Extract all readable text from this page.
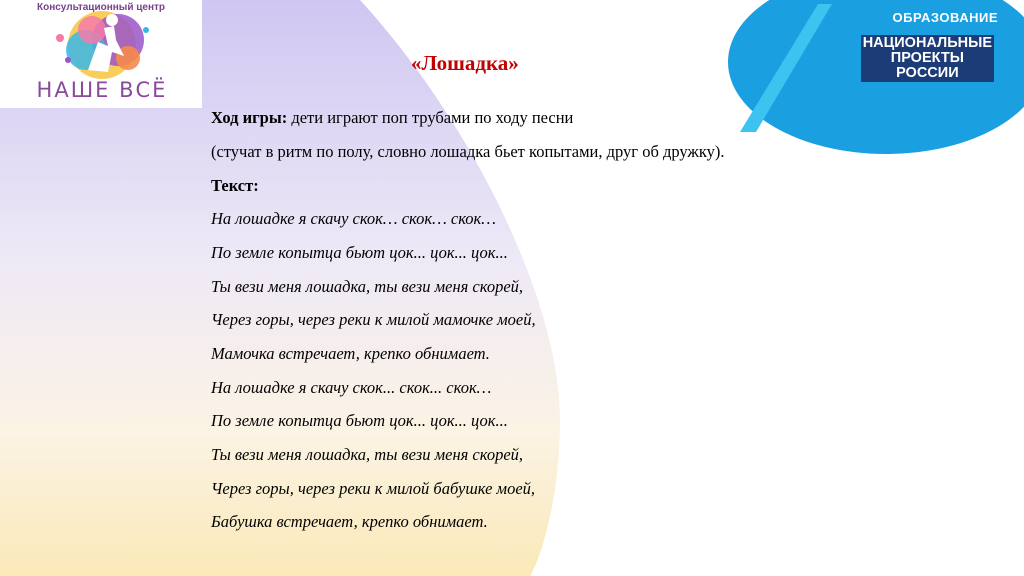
Консультационный центр
НАШЕ ВСЁ
ОБРАЗОВАНИЕ
НАЦИОНАЛЬНЫЕ
ПРОЕКТЫ
РОССИИ
«Лошадка»
Ход игры: дети играют поп трубами по ходу песни
(стучат в ритм по полу, словно лошадка бьет копытами, друг об дружку).
Текст:
На лошадке я скачу скок… скок… скок…
По земле копытца бьют цок... цок... цок...
Ты вези меня лошадка, ты вези меня скорей,
Через горы, через реки к милой мамочке моей,
Мамочка встречает, крепко обнимает.
На лошадке я скачу скок... скок... скок…
По земле копытца бьют цок... цок... цок...
Ты вези меня лошадка, ты вези меня скорей,
Через горы, через реки к милой бабушке моей,
Бабушка встречает, крепко обнимает.
